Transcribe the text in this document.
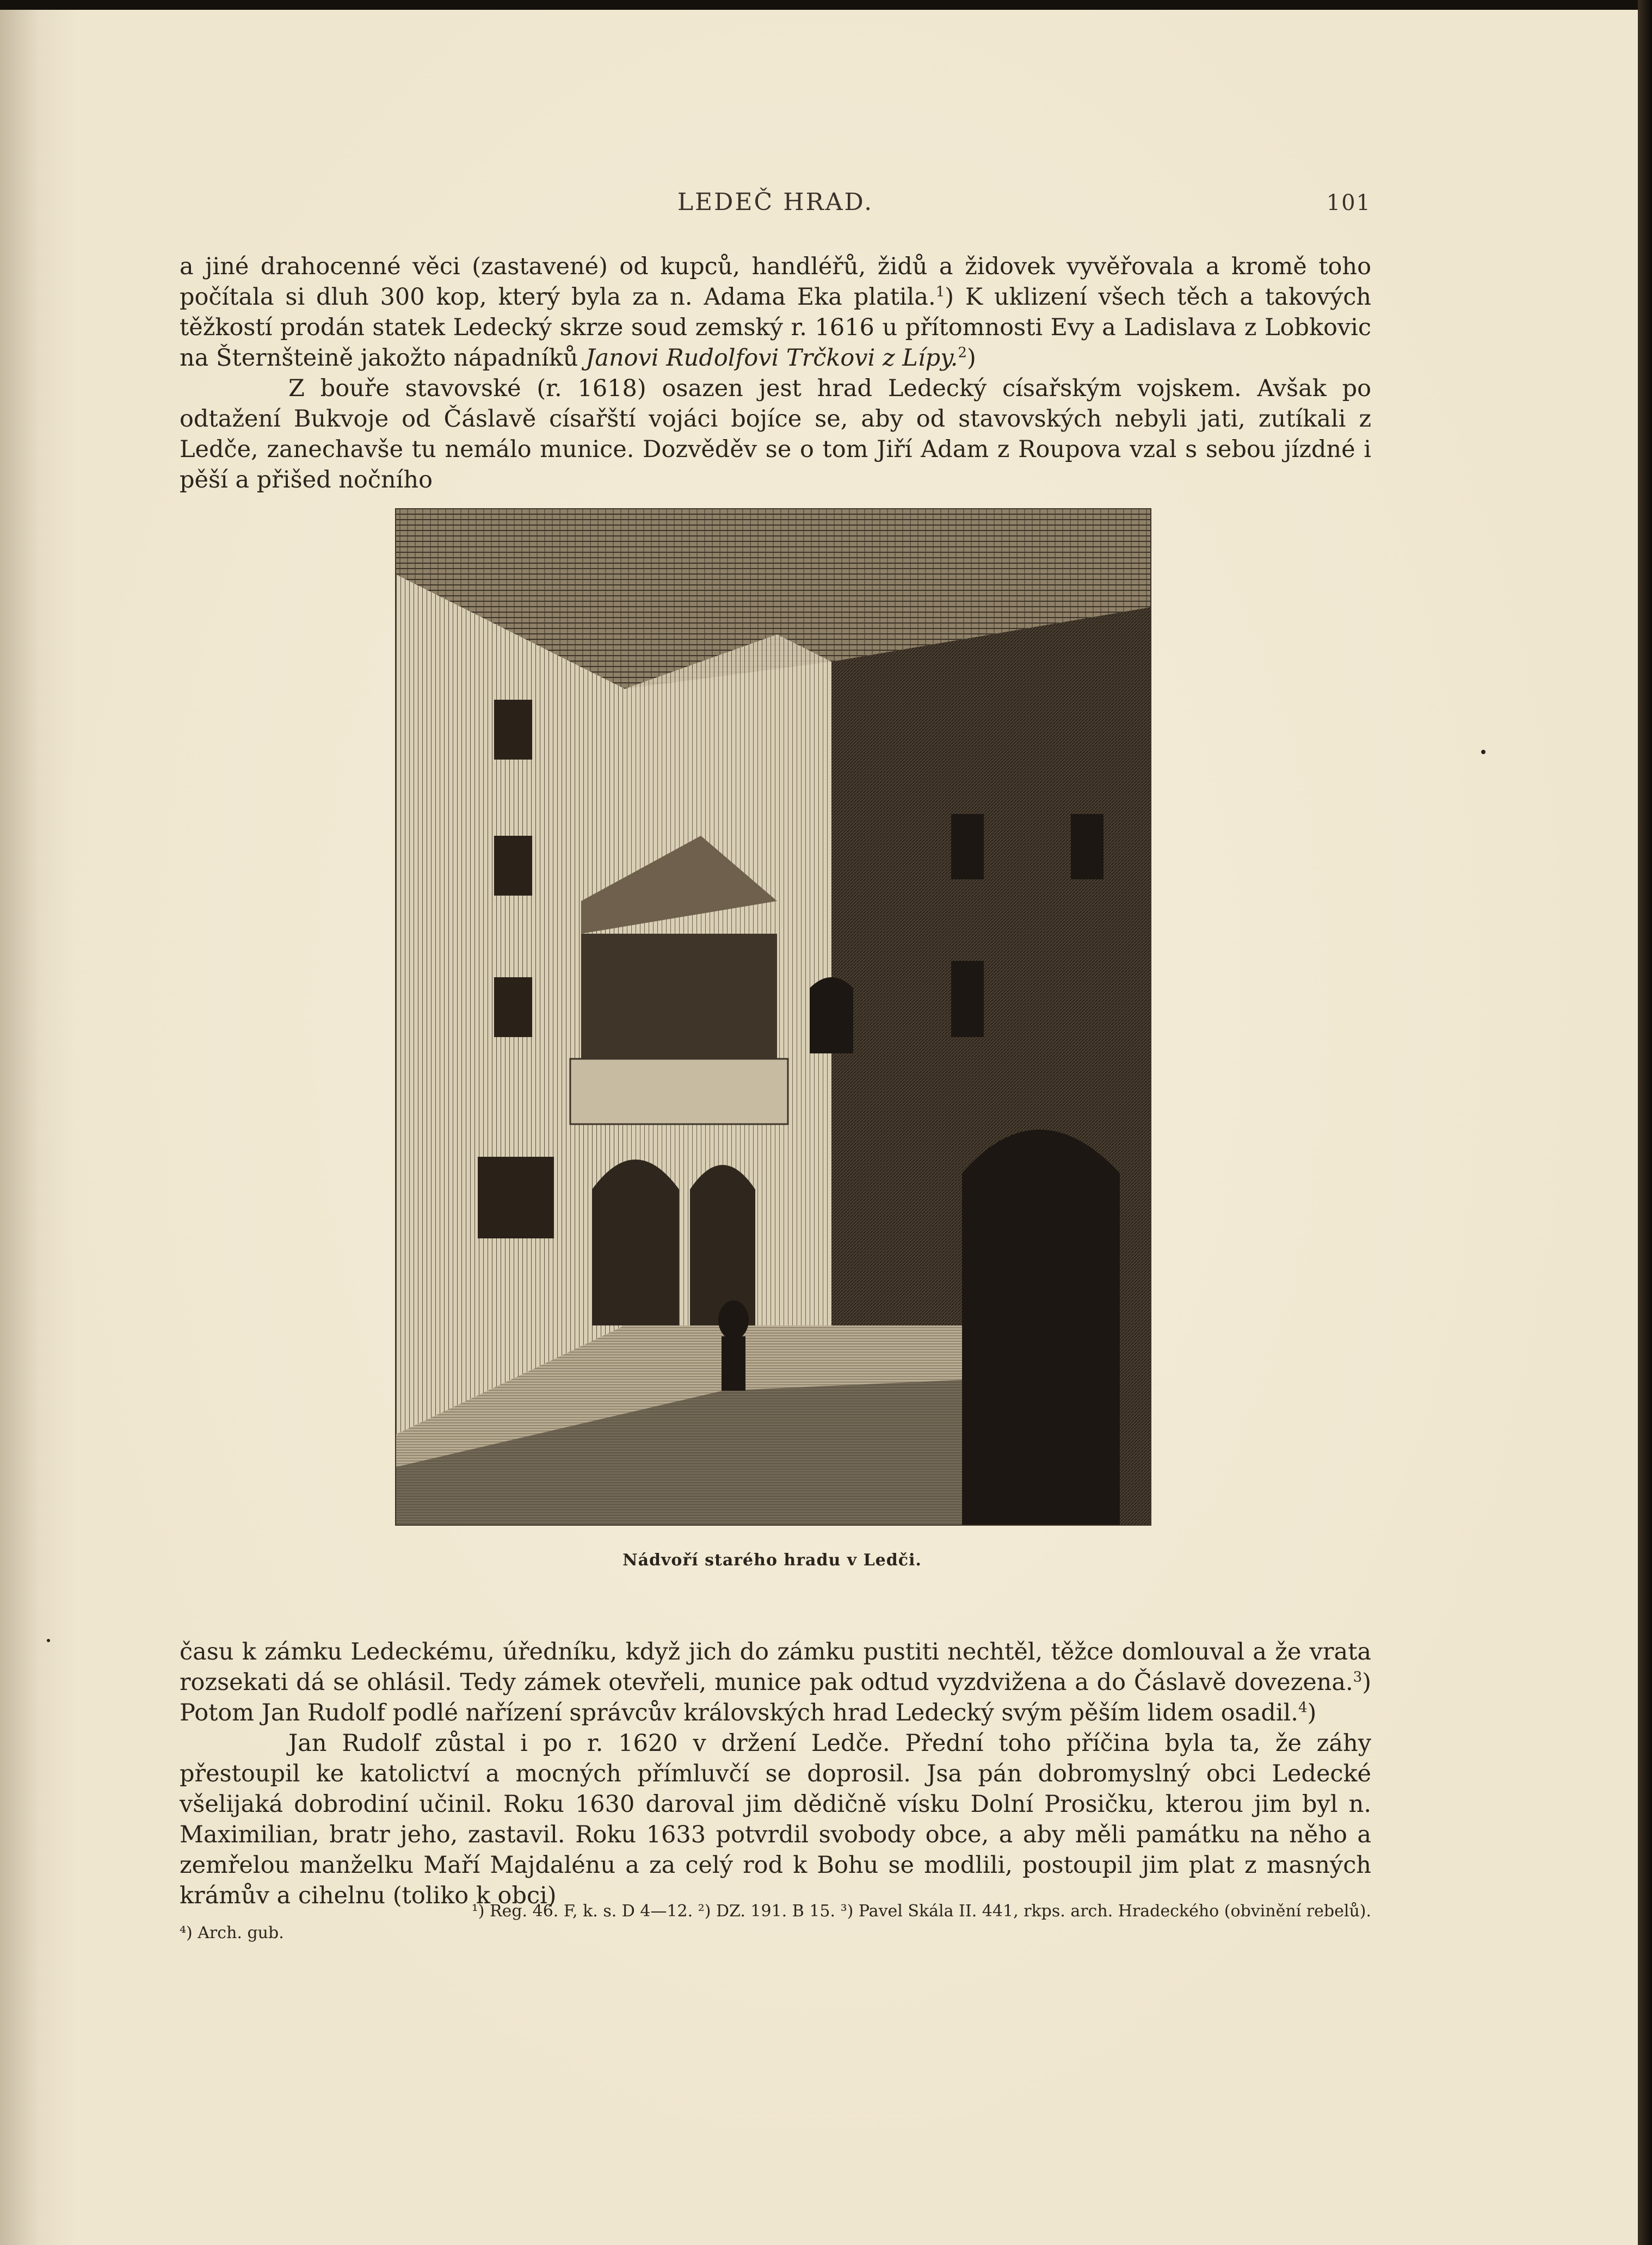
LEDEČ HRAD.	101

a jiné drahocenné věci (zastavené) od kupců, handléřů, židů a židovek vyvěřovala a kromě toho počítala si dluh 300 kop, který byla za n. Adama Eka platila.$^1$) K uklizení všech těch a takových těžkostí prodán statek Ledecký skrze soud zemský r. 1616 u přítomnosti Evy a Ladislava z Lobkovic na Šternšteině jakožto nápadníků Janovi Rudolfovi Trčkovi z Lípy.$^2$)

Z bouře stavovské (r. 1618) osazen jest hrad Ledecký císařským vojskem. Avšak po odtažení Bukvoje od Čáslavě císařští vojáci bojíce se, aby od stavovských nebyli jati, zutíkali z Ledče, zanechavše tu nemálo munice. Dozvěděv se o tom Jiří Adam z Roupova vzal s sebou jízdné i pěší a přišed nočního

Nádvoří starého hradu v Ledči.

času k zámku Ledeckému, úředníku, když jich do zámku pustiti nechtěl, těžce domlouval a že vrata rozsekati dá se ohlásil. Tedy zámek otevřeli, munice pak odtud vyzdvižena a do Čáslavě dovezena.$^3$) Potom Jan Rudolf podlé nařízení správcův královských hrad Ledecký svým pěším lidem osadil.$^4$)

Jan Rudolf zůstal i po r. 1620 v držení Ledče. Přední toho příčina byla ta, že záhy přestoupil ke katolictví a mocných přímluvčí se doprosil. Jsa pán dobromyslný obci Ledecké všelijaká dobrodiní učinil. Roku 1630 daroval jim dědičně vísku Dolní Prosičku, kterou jim byl n. Maximilian, bratr jeho, zastavil. Roku 1633 potvrdil svobody obce, a aby měli památku na něho a zemřelou manželku Maří Majdalénu a za celý rod k Bohu se modlili, postoupil jim plat z masných krámův a cihelnu (toliko k obci)

¹) Reg. 46. F, k. s. D 4—12. ²) DZ. 191. B 15. ³) Pavel Skála II. 441, rkps. arch. Hradeckého (obvinění rebelů).
⁴) Arch. gub.
